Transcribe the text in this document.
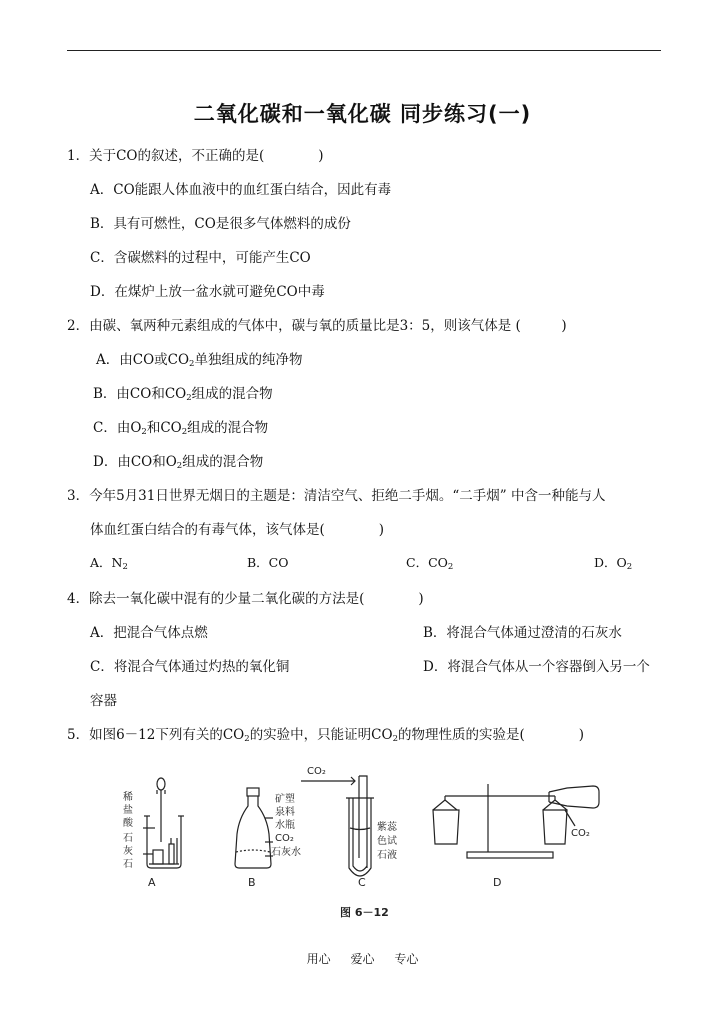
二氧化碳和一氧化碳 同步练习(一)
1．关于CO的叙述，不正确的是(　　　　)
A．CO能跟人体血液中的血红蛋白结合，因此有毒
B．具有可燃性，CO是很多气体燃料的成份
C．含碳燃料的过程中，可能产生CO
D．在煤炉上放一盆水就可避免CO中毒
2．由碳、氧两种元素组成的气体中，碳与氧的质量比是3：5，则该气体是 (　　　)
A．由CO或$CO_2$单独组成的纯净物
B．由CO和$CO_2$组成的混合物
C．由$O_2$和$CO_2$组成的混合物
D．由CO和$O_2$组成的混合物
3．今年5月31日世界无烟日的主题是：清洁空气、拒绝二手烟。“二手烟” 中含一种能与人
体血红蛋白结合的有毒气体，该气体是(　　　　)
A．$N_2$	B．CO	C．$CO_2$	D．$O_2$
4．除去一氧化碳中混有的少量二氧化碳的方法是(　　　　)
A．把混合气体点燃	B．将混合气体通过澄清的石灰水
C．将混合气体通过灼热的氧化铜	D．将混合气体从一个容器倒入另一个
容器
5．如图6－12下列有关的$CO_2$的实验中，只能证明$CO_2$的物理性质的实验是(　　　　)
稀
盐
酸
石
灰
石
矿塑
泉料
水瓶
CO₂
石灰水
CO₂
紫蕊
色试
石液
CO₂
A	B	C	D
图 6－12
用心 爱心 专心
